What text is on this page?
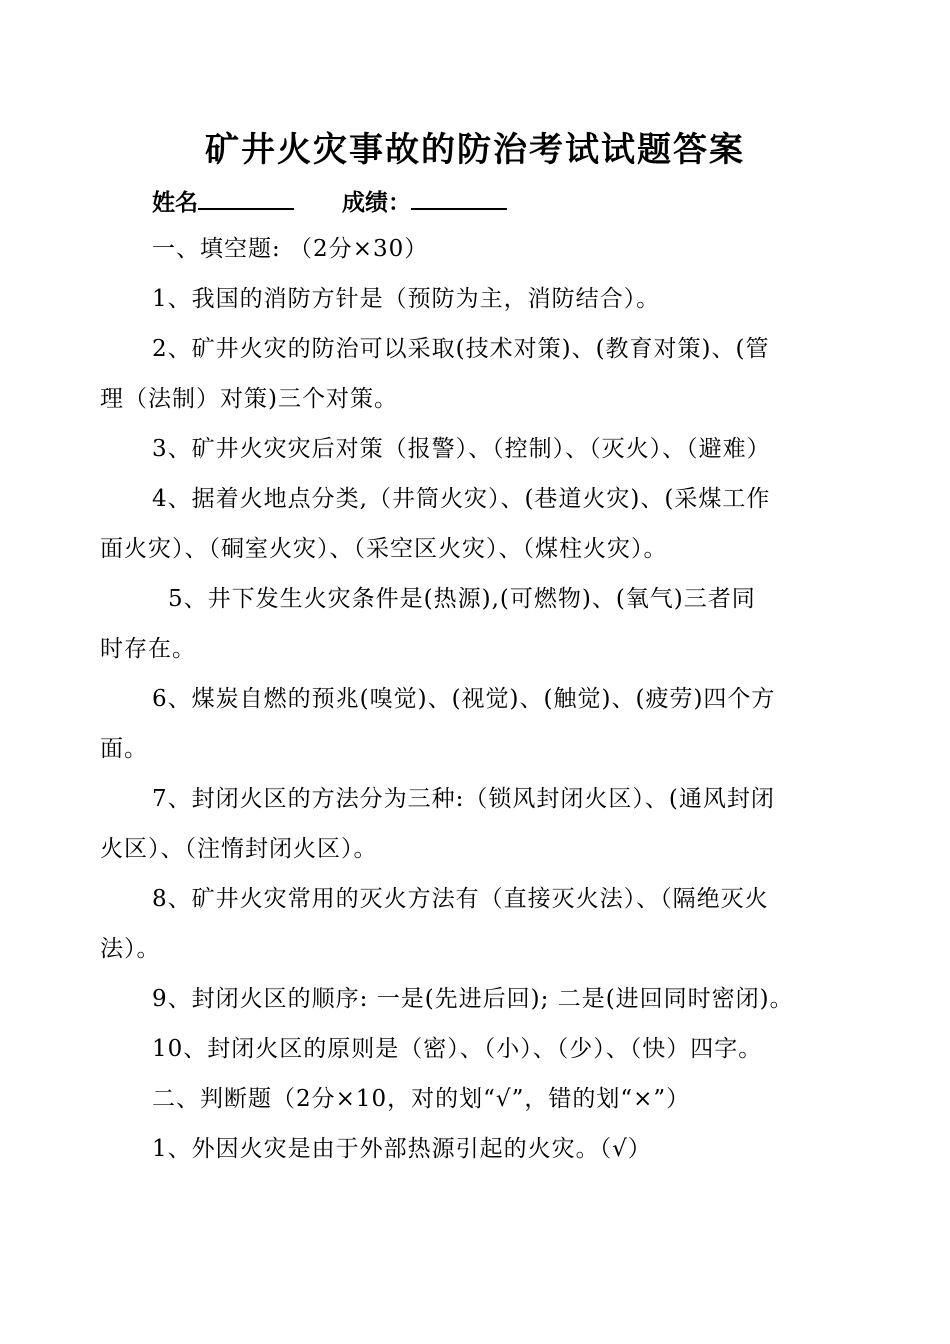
矿井火灾事故的防治考试试题答案
姓名	成绩：
一、填空题: （2分×30）
1、我国的消防方针是（预防为主，消防结合）。
2、矿井火灾的防治可以采取(技术对策)、(教育对策)、(管
理（法制）对策)三个对策。
3、矿井火灾灾后对策（报警）、（控制）、（灭火）、（避难）
4、据着火地点分类,（井筒火灾）、(巷道火灾)、(采煤工作
面火灾）、（硐室火灾）、（采空区火灾）、（煤柱火灾）。
5、井下发生火灾条件是(热源),(可燃物)、(氧气)三者同
时存在。
6、煤炭自燃的预兆(嗅觉)、(视觉)、(触觉)、(疲劳)四个方
面。
7、封闭火区的方法分为三种:（锁风封闭火区）、(通风封闭
火区）、（注惰封闭火区）。
8、矿井火灾常用的灭火方法有（直接灭火法）、（隔绝灭火
法）。
9、封闭火区的顺序: 一是(先进后回); 二是(进回同时密闭)。
10、封闭火区的原则是（密）、（小）、（少）、（快）四字。
二、判断题（2分×10，对的划“√”，错的划“×”）
1、外因火灾是由于外部热源引起的火灾。（√）
